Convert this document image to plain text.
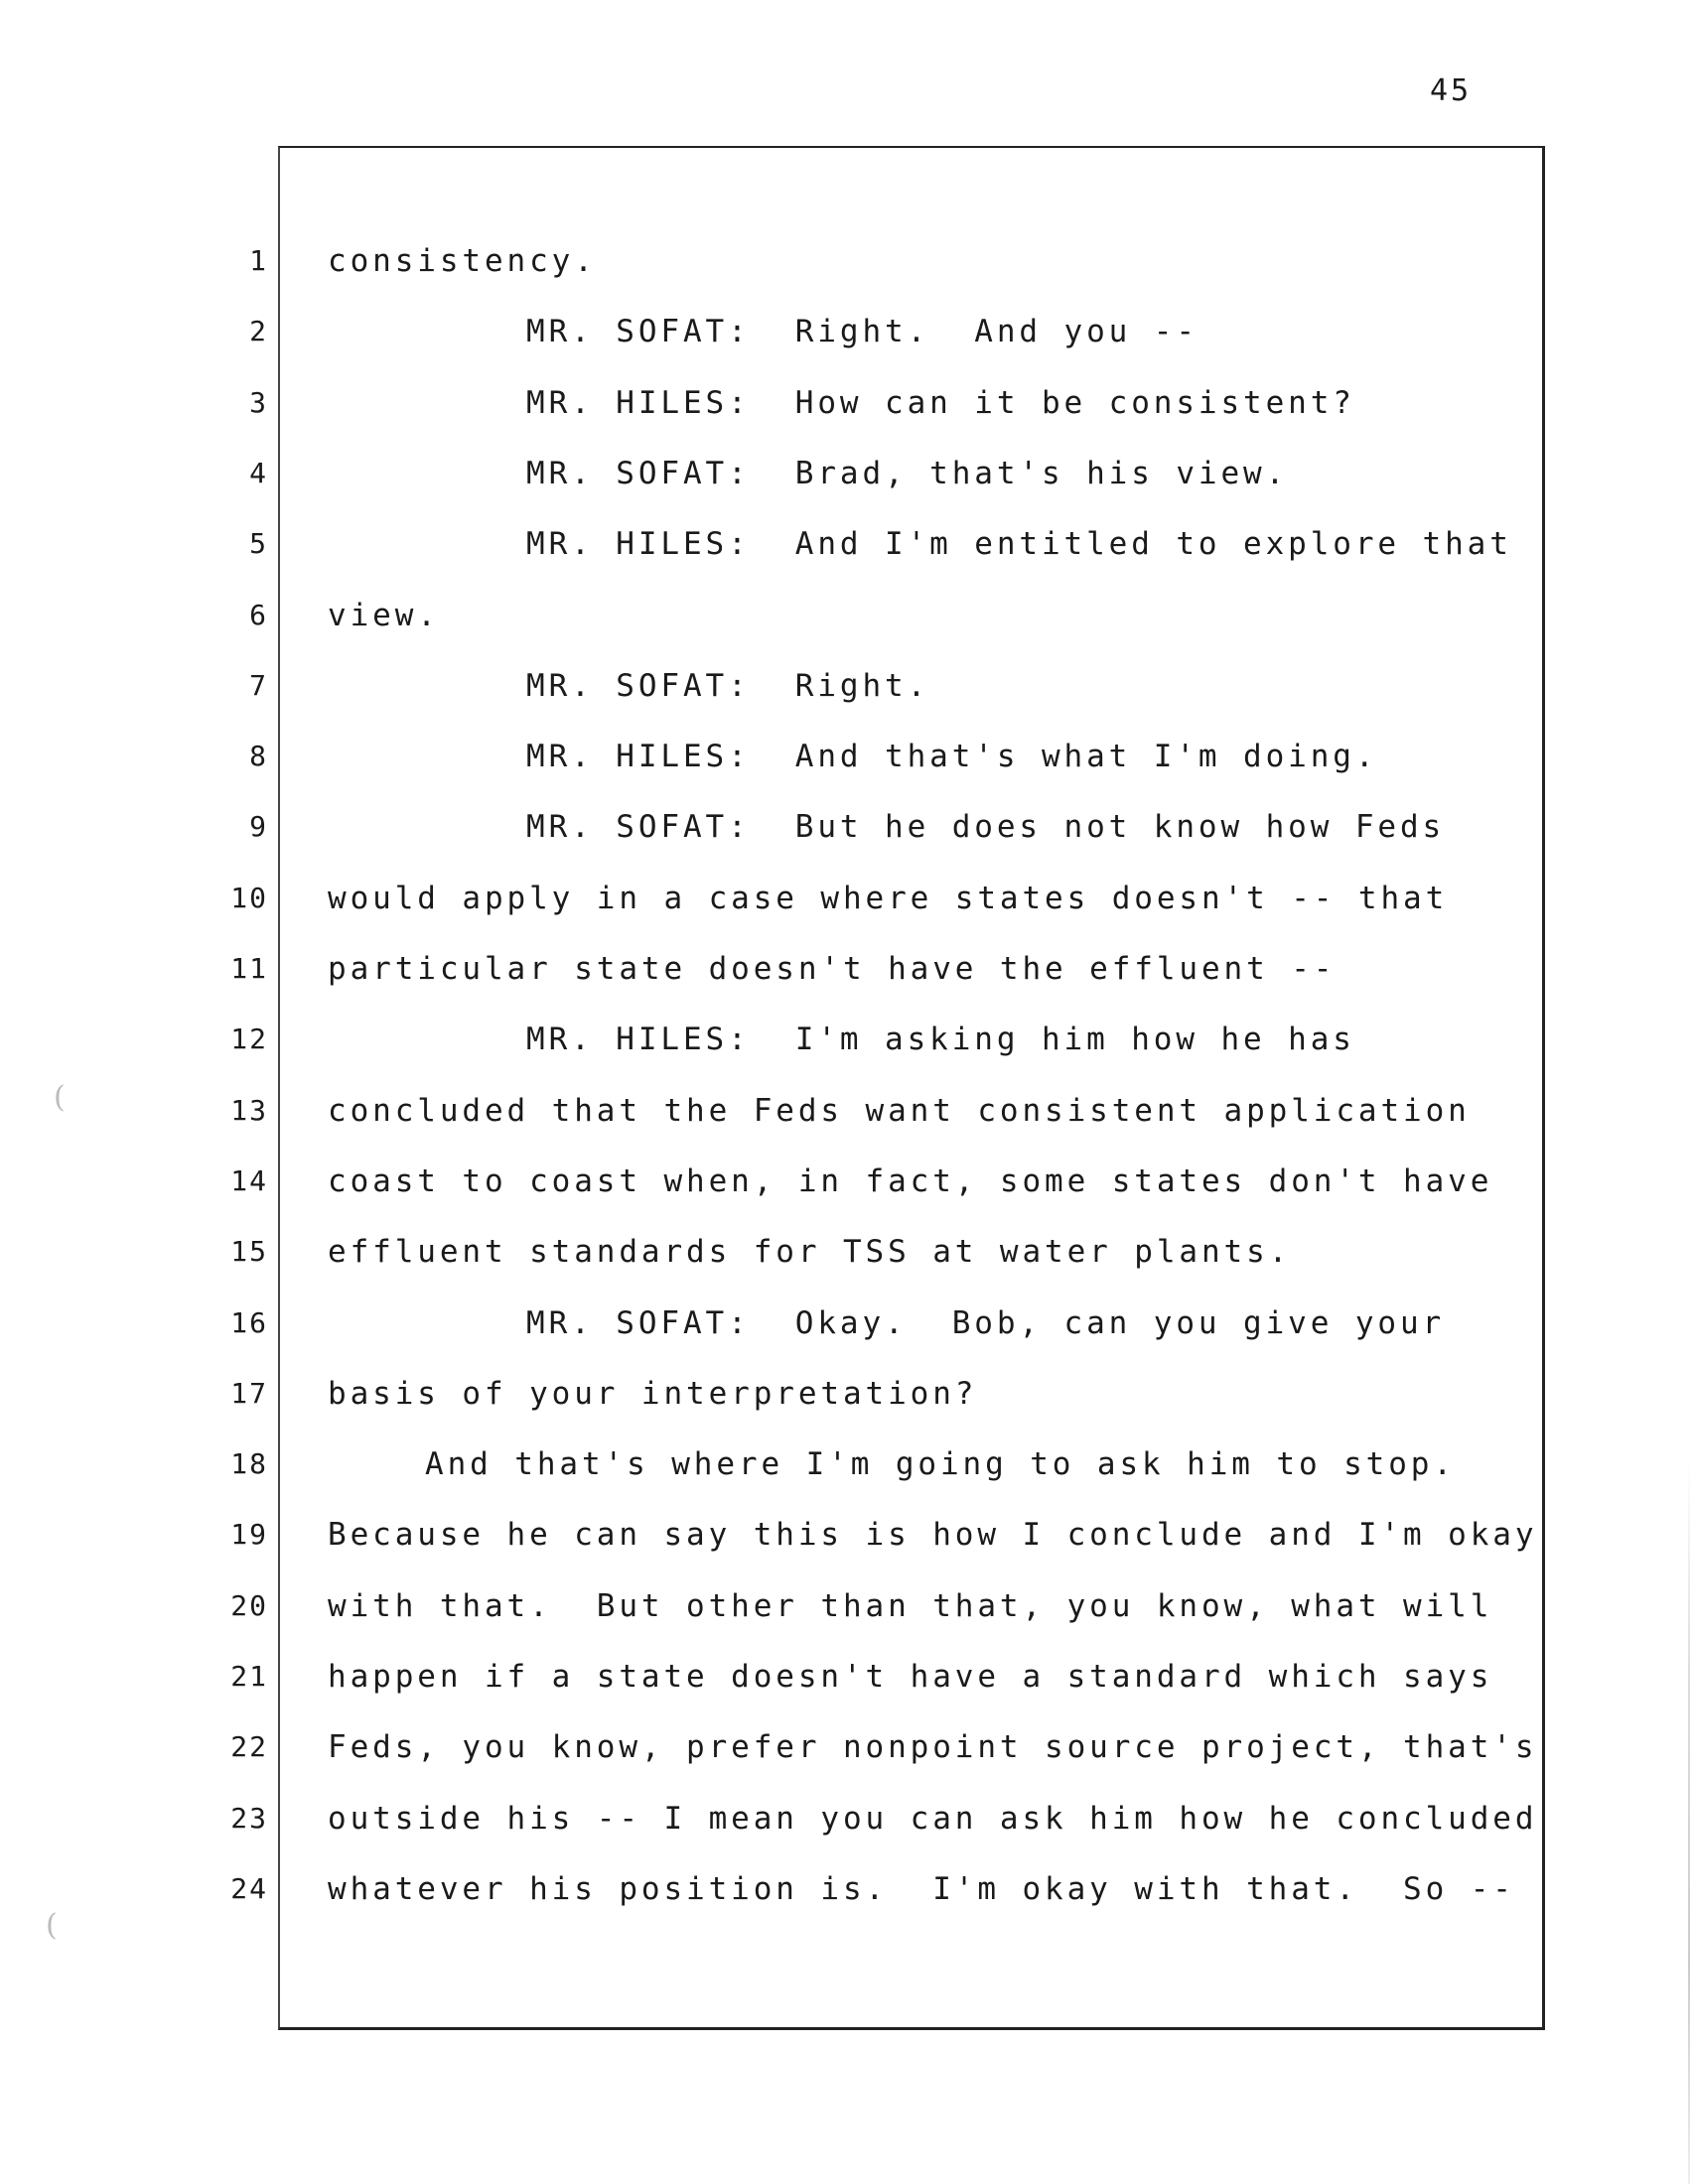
45
1 consistency.
2	MR. SOFAT:  Right.  And you --
3	MR. HILES:  How can it be consistent?
4	MR. SOFAT:  Brad, that's his view.
5	MR. HILES:  And I'm entitled to explore that
6 view.
7	MR. SOFAT:  Right.
8	MR. HILES:  And that's what I'm doing.
9	MR. SOFAT:  But he does not know how Feds
10 would apply in a case where states doesn't -- that
11 particular state doesn't have the effluent --
12	MR. HILES:  I'm asking him how he has
13 concluded that the Feds want consistent application
14 coast to coast when, in fact, some states don't have
15 effluent standards for TSS at water plants.
16	MR. SOFAT:  Okay.  Bob, can you give your
17 basis of your interpretation?
18	And that's where I'm going to ask him to stop.
19 Because he can say this is how I conclude and I'm okay
20 with that.  But other than that, you know, what will
21 happen if a state doesn't have a standard which says
22 Feds, you know, prefer nonpoint source project, that's
23 outside his -- I mean you can ask him how he concluded
24 whatever his position is.  I'm okay with that.  So --
(
(
